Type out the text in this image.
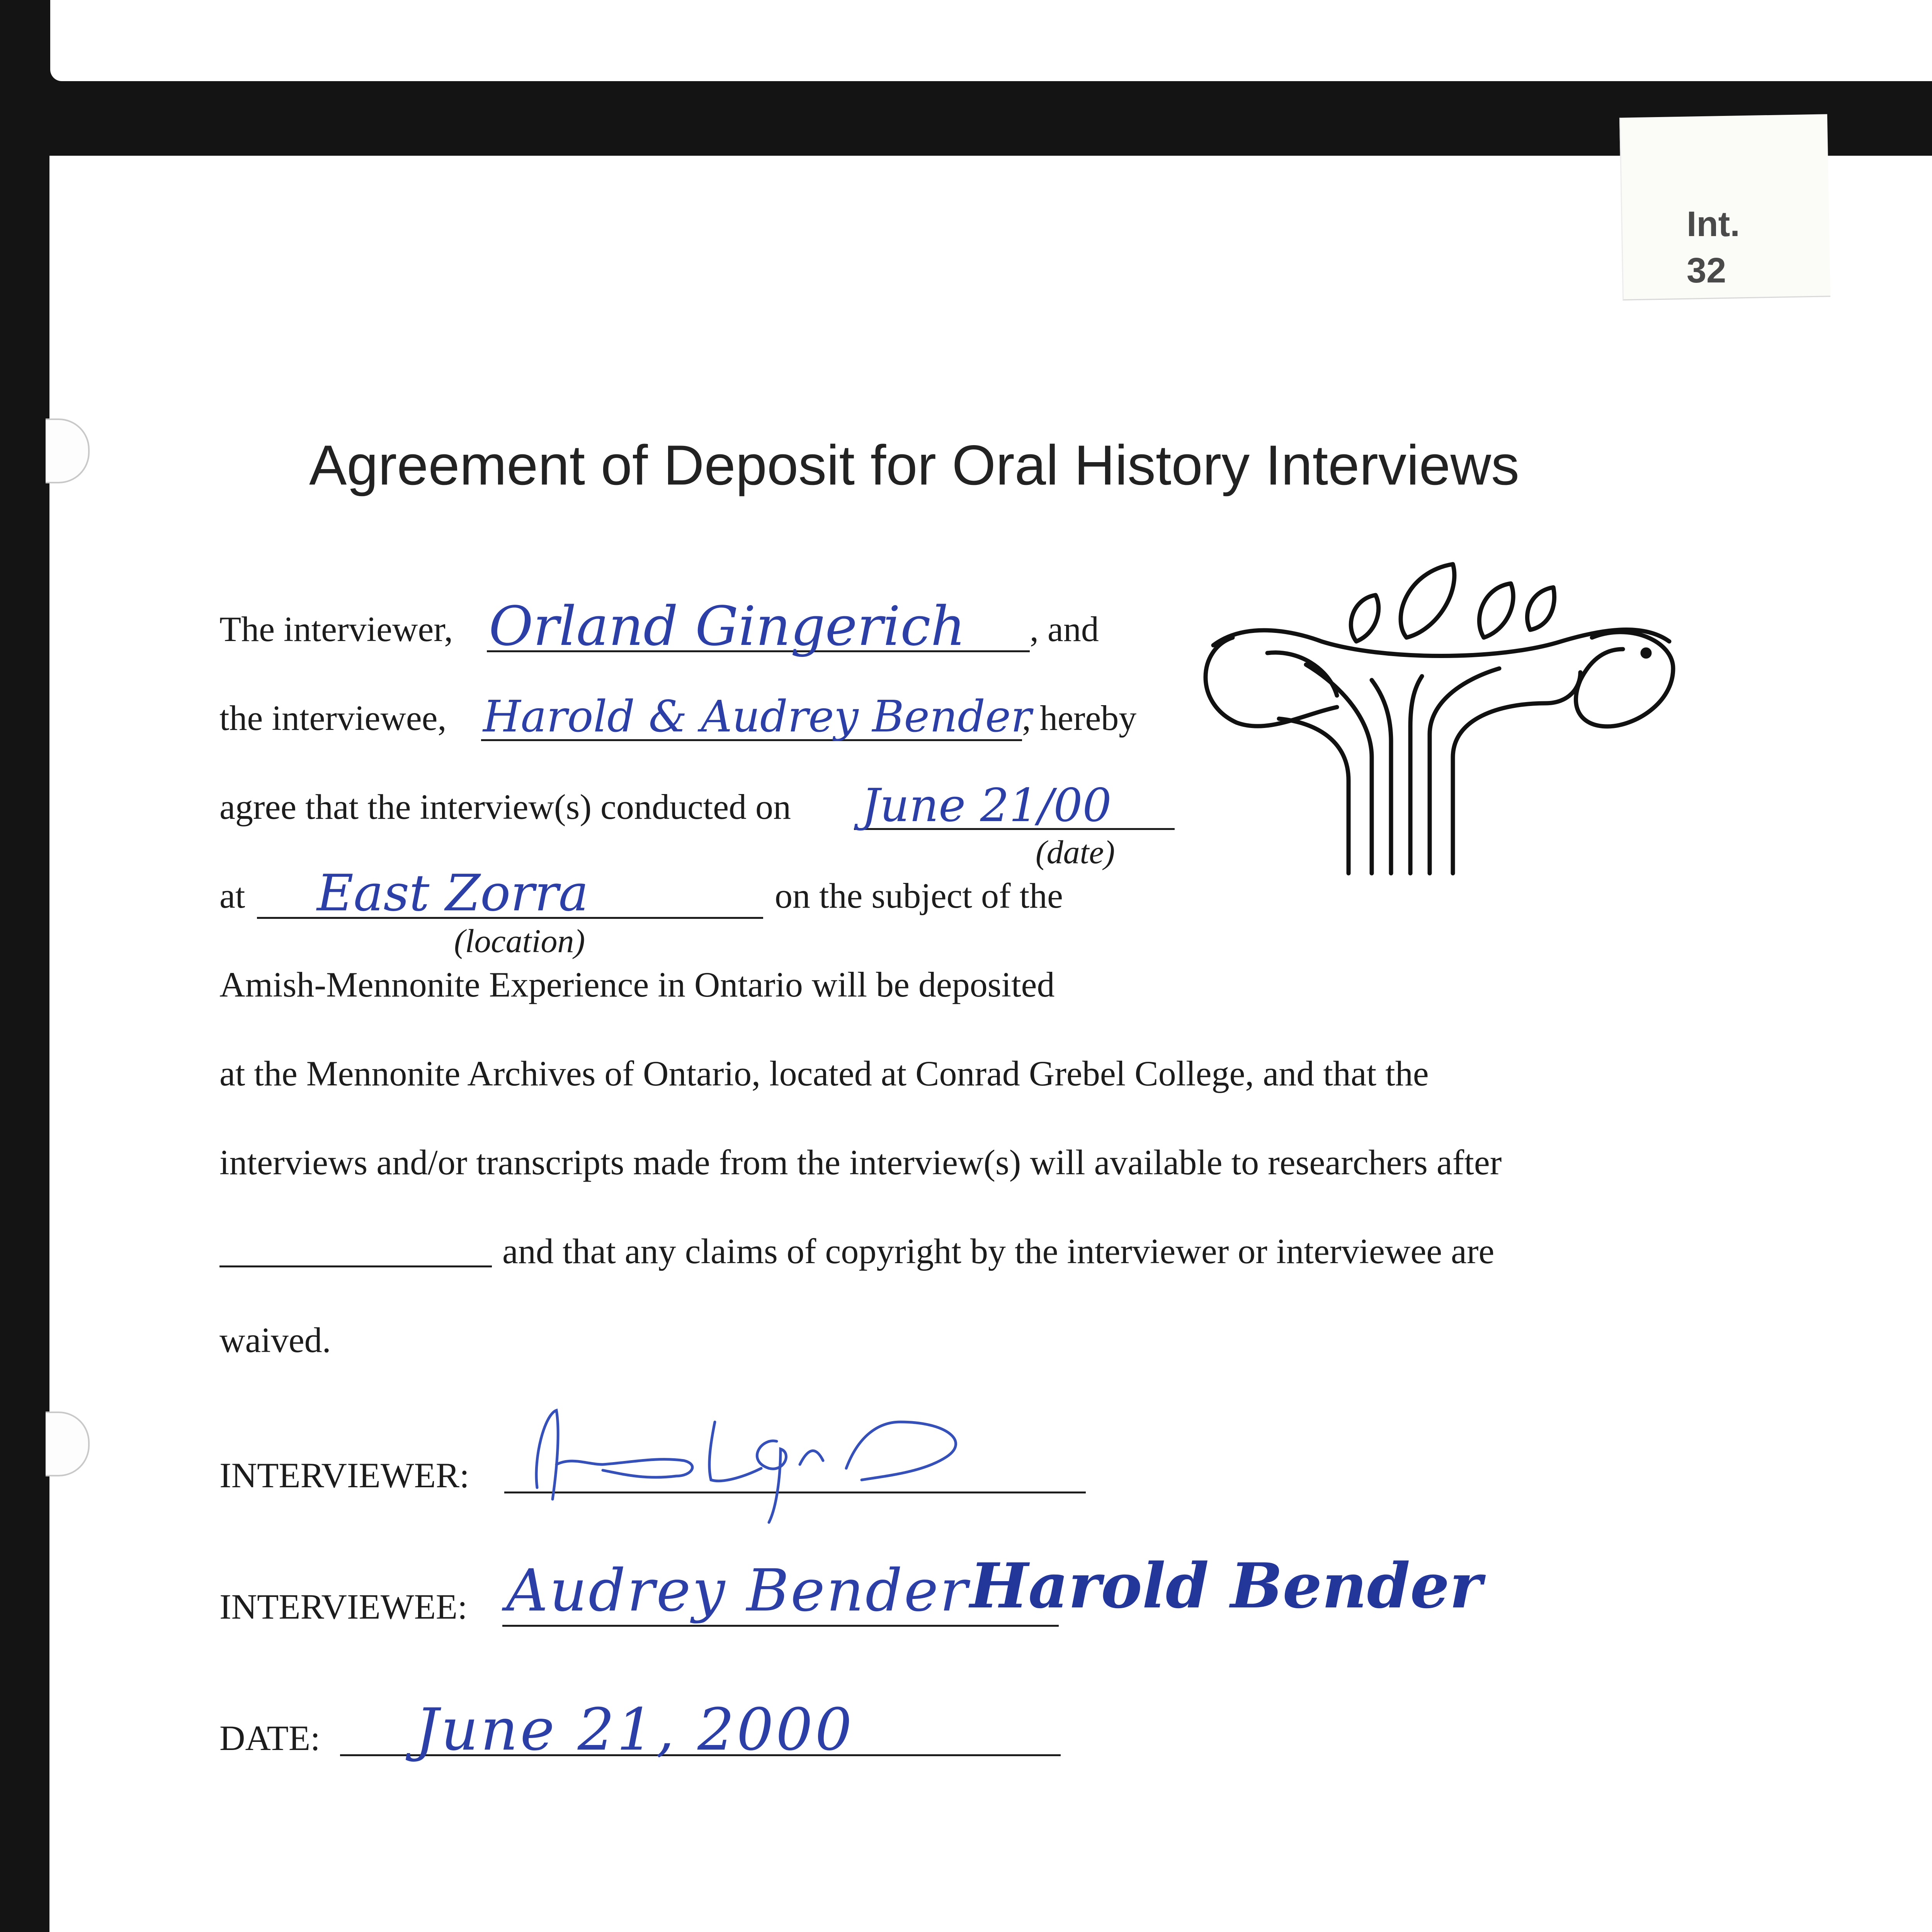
Int.
32
Agreement of Deposit for Oral History Interviews
The interviewer, Orland Gingerich , and
the interviewee, Harold & Audrey Bender
, hereby
agree that the interview(s) conducted on June 21/00
(date)
at East Zorra	on the subject of the
(location)
Amish-Mennonite Experience in Ontario will be deposited
at the Mennonite Archives of Ontario, located at Conrad Grebel College, and that the
interviews and/or transcripts made from the interview(s) will available to researchers after
and that any claims of copyright by the interviewer or interviewee are
waived.
INTERVIEWER:
INTERVIEWEE: Audrey Bender Harold Bender
DATE: June 21, 2000
